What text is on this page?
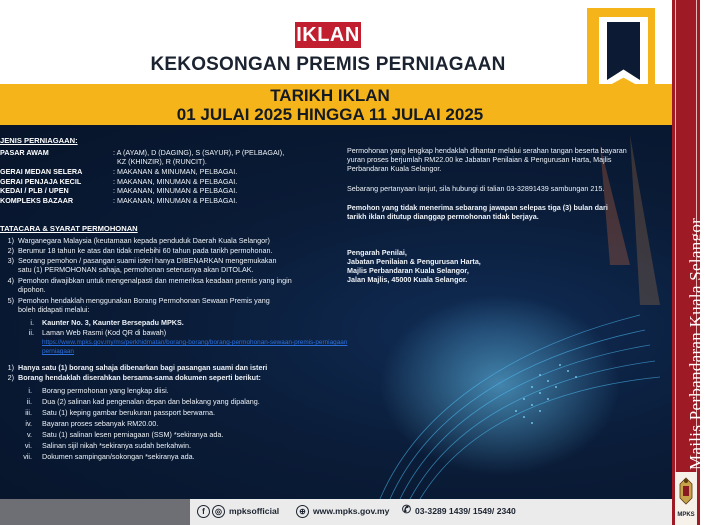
IKLAN
KEKOSONGAN PREMIS PERNIAGAAN
TARIKH IKLAN
01 JULAI 2025 HINGGA 11 JULAI 2025
JENIS PERNIAGAAN:
PASAR AWAM	: A (AYAM), D (DAGING), S (SAYUR), P (PELBAGAI),
KZ (KHINZIR), R (RUNCIT).
GERAI MEDAN SELERA	: MAKANAN & MINUMAN, PELBAGAI.
GERAI PENJAJA KECIL	: MAKANAN, MINUMAN & PELBAGAI.
KEDAI / PLB / UPEN	: MAKANAN, MINUMAN & PELBAGAI.
KOMPLEKS BAZAAR	: MAKANAN, MINUMAN & PELBAGAI.
TATACARA & SYARAT PERMOHONAN
1) Warganegara Malaysia (keutamaan kepada penduduk Daerah Kuala Selangor)
2) Berumur 18 tahun ke atas dan tidak melebihi 60 tahun pada tarikh permohonan.
3) Seorang pemohon / pasangan suami isteri hanya DIBENARKAN mengemukakan
satu (1) PERMOHONAN sahaja, permohonan seterusnya akan DITOLAK.
4) Pemohon diwajibkan untuk mengenalpasti dan memeriksa keadaan premis yang ingin
dipohon.
5) Pemohon hendaklah menggunakan Borang Permohonan Sewaan Premis yang
boleh didapati melalui:
i. Kaunter No. 3, Kaunter Bersepadu MPKS.
ii. Laman Web Rasmi (Kod QR di bawah)
https://www.mpks.gov.my/ms/perkhidmatan/borang-borang/borang-permohonan-sewaan-premis-perniagaan
perniagaan
1) Hanya satu (1) borang sahaja dibenarkan bagi pasangan suami dan isteri
2) Borang hendaklah diserahkan bersama-sama dokumen seperti berikut:
i. Borang permohonan yang lengkap diisi.
ii. Dua (2) salinan kad pengenalan depan dan belakang yang dipalang.
iii. Satu (1) keping gambar berukuran passport berwarna.
iv. Bayaran proses sebanyak RM20.00.
v. Satu (1) salinan lesen perniagaan (SSM) *sekiranya ada.
vi. Salinan sijil nikah *sekiranya sudah berkahwin.
vii. Dokumen sampingan/sokongan *sekiranya ada.
Permohonan yang lengkap hendaklah dihantar melalui serahan tangan beserta bayaran
yuran proses berjumlah RM22.00 ke Jabatan Penilaian & Pengurusan Harta, Majlis
Perbandaran Kuala Selangor.
Sebarang pertanyaan lanjut, sila hubungi di talian 03-32891439 sambungan 215.
Pemohon yang tidak menerima sebarang jawapan selepas tiga (3) bulan dari
tarikh iklan ditutup dianggap permohonan tidak berjaya.
Pengarah Penilai,
Jabatan Penilaian & Pengurusan Harta,
Majlis Perbandaran Kuala Selangor,
Jalan Majlis, 45000 Kuala Selangor.	Majlis Perbandaran Kuala Selangor
MPKS
f	◎ mpksofficial	⊕ www.mpks.gov.my ✆ 03-3289 1439/ 1549/ 2340
